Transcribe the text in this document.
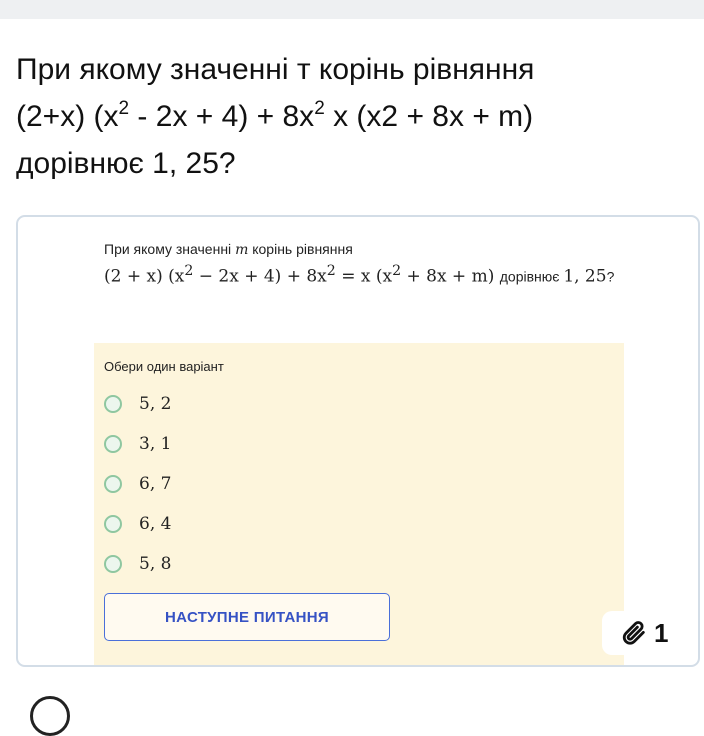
При якому значенні т корінь рівняння
(2+x) $(x^2 - 2x + 4) + 8x^2$ x (x2 + 8x + m)
дорівнює 1, 25?
При якому значенні m корінь рівняння
(2 + x) $(x^2 - 2x + 4) + 8x^2 = x$ $(x^2 + 8x + m)$ дорівнює 1, 25?
Обери один варіант
5, 2
3, 1
6, 7
6, 4
5, 8
НАСТУПНЕ ПИТАННЯ
1
